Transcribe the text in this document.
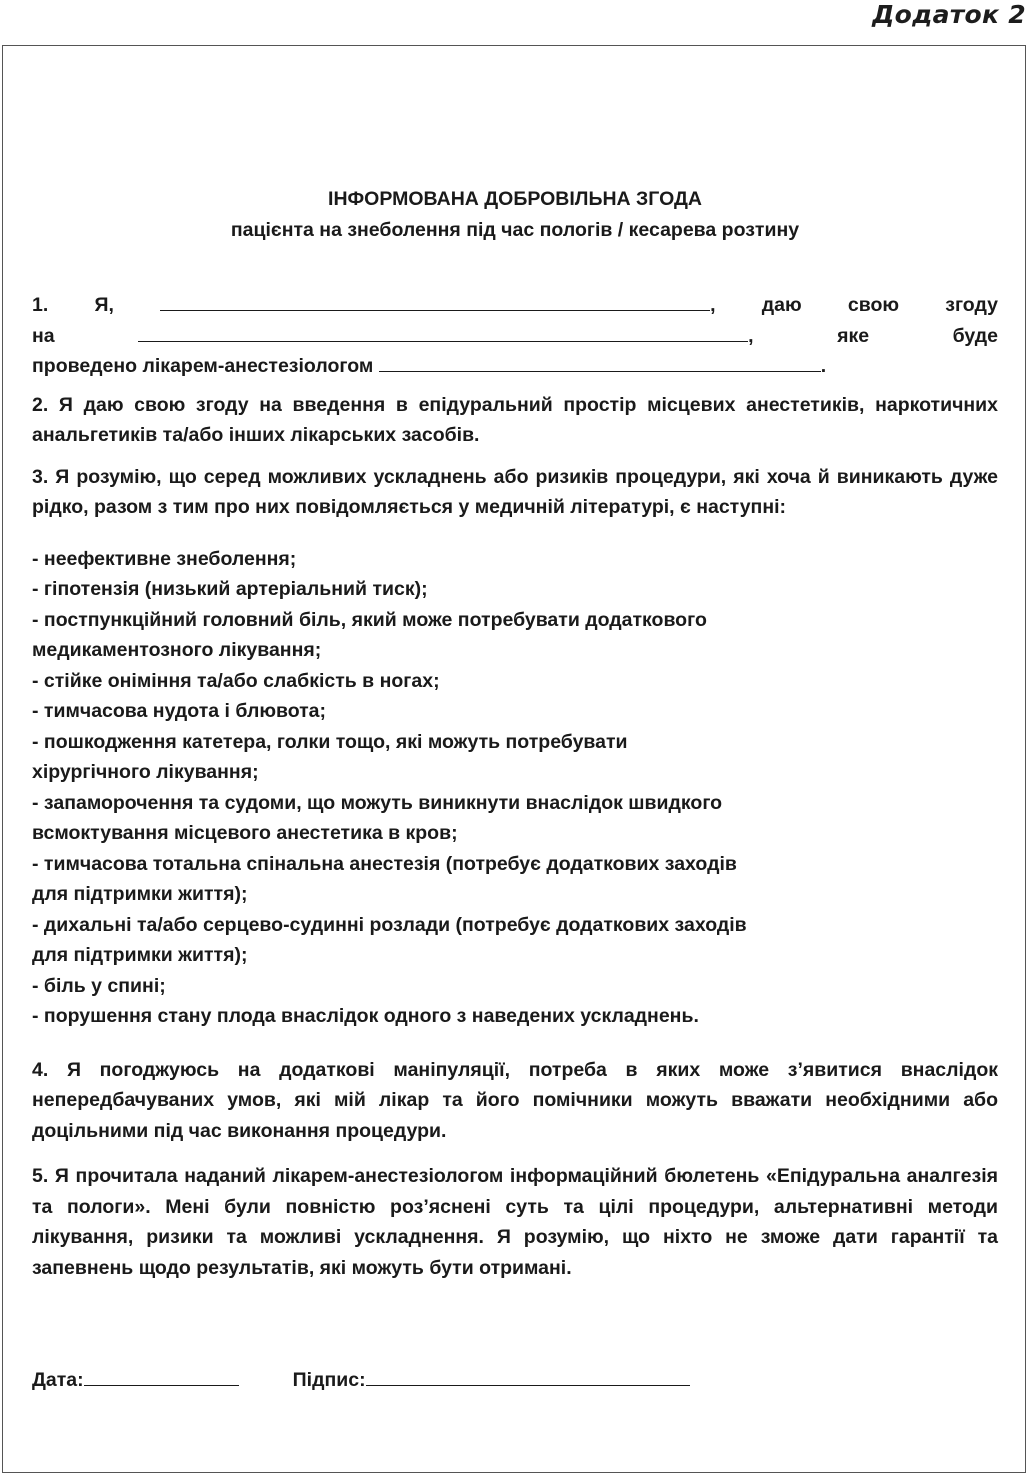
Додаток 2

ІНФОРМОВАНА ДОБРОВІЛЬНА ЗГОДА

пацієнта на знеболення під час пологів / кесарева розтину

1. Я,	, даю свою згоду
на	,	яке	буде
проведено лікарем-анестезіологом	.

2. Я даю свою згоду на введення в епідуральний простір місцевих анестетиків, наркотичних анальгетиків та/або інших лікарських засобів.

3. Я розумію, що серед можливих ускладнень або ризиків процедури, які хоча й виникають дуже рідко, разом з тим про них повідомляється у медичній літературі, є наступні:

- неефективне знеболення;

- гіпотензія (низький артеріальний тиск);

- постпункційний головний біль, який може потребувати додаткового

медикаментозного лікування;

- стійке оніміння та/або слабкість в ногах;

- тимчасова нудота і блювота;

- пошкодження катетера, голки тощо, які можуть потребувати

хірургічного лікування;

- запаморочення та судоми, що можуть виникнути внаслідок швидкого

всмоктування місцевого анестетика в кров;

- тимчасова тотальна спінальна анестезія (потребує додаткових заходів

для підтримки життя);

- дихальні та/або серцево-судинні розлади (потребує додаткових заходів

для підтримки життя);

- біль у спині;

- порушення стану плода внаслідок одного з наведених ускладнень.

4. Я погоджуюсь на додаткові маніпуляції, потреба в яких може з’явитися внаслідок непередбачуваних умов, які мій лікар та його помічники можуть вважати необхідними або доцільними під час виконання процедури.

5. Я прочитала наданий лікарем-анестезіологом інформаційний бюлетень «Епідуральна аналгезія та пологи». Мені були повністю роз’яснені суть та цілі процедури, альтернативні методи лікування, ризики та можливі ускладнення. Я розумію, що ніхто не зможе дати гарантії та запевнень щодо результатів, які можуть бути отримані.

Дата:	Підпис:
